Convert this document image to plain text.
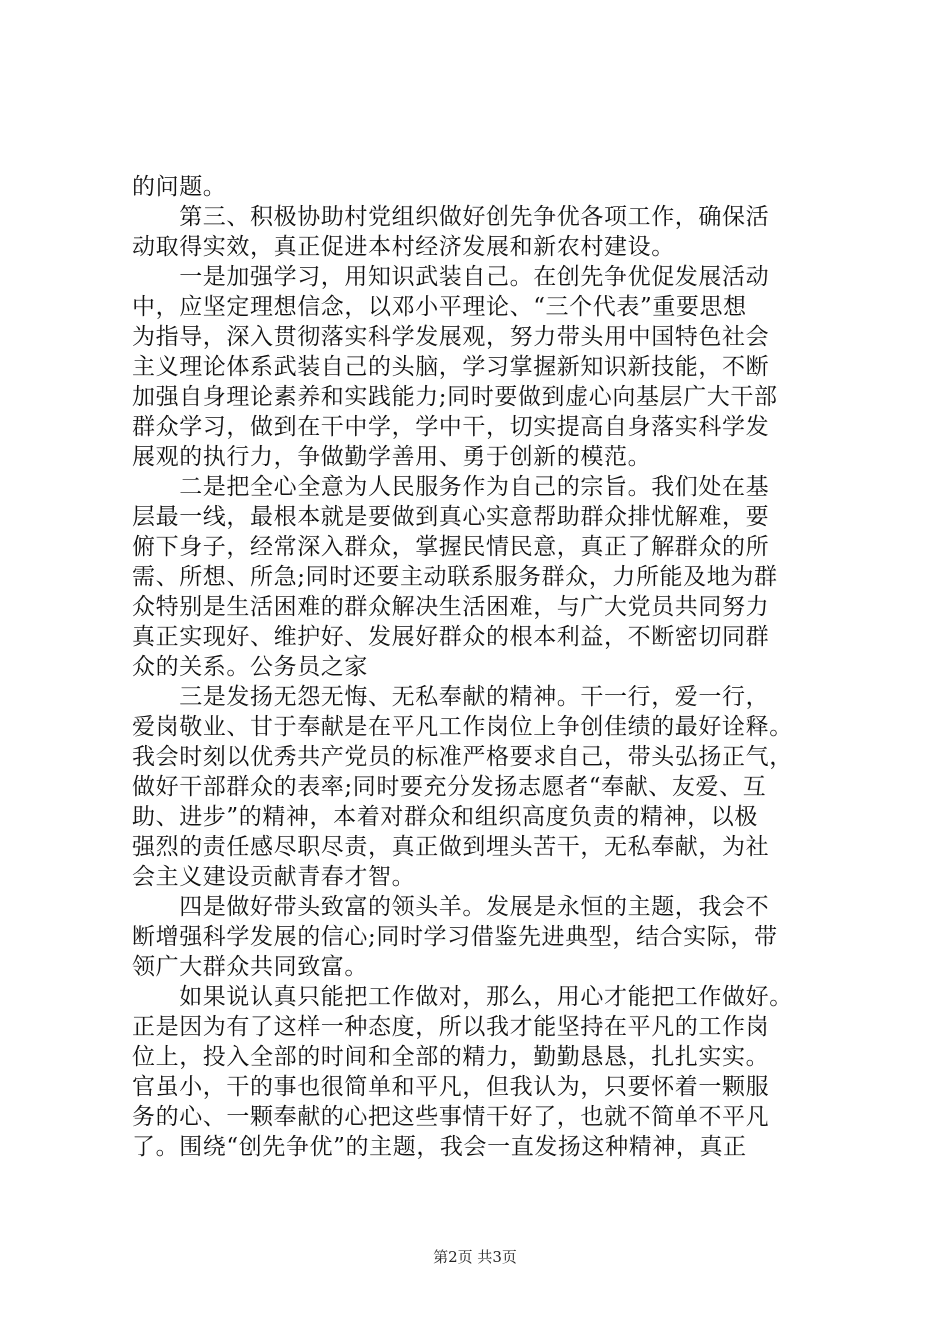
的问题。
　　第三、积极协助村党组织做好创先争优各项工作，确保活
动取得实效，真正促进本村经济发展和新农村建设。
　　一是加强学习，用知识武装自己。在创先争优促发展活动
中，应坚定理想信念，以邓小平理论、“三个代表”重要思想
为指导，深入贯彻落实科学发展观，努力带头用中国特色社会
主义理论体系武装自己的头脑，学习掌握新知识新技能，不断
加强自身理论素养和实践能力;同时要做到虚心向基层广大干部
群众学习，做到在干中学，学中干，切实提高自身落实科学发
展观的执行力，争做勤学善用、勇于创新的模范。
　　二是把全心全意为人民服务作为自己的宗旨。我们处在基
层最一线，最根本就是要做到真心实意帮助群众排忧解难，要
俯下身子，经常深入群众，掌握民情民意，真正了解群众的所
需、所想、所急;同时还要主动联系服务群众，力所能及地为群
众特别是生活困难的群众解决生活困难，与广大党员共同努力
真正实现好、维护好、发展好群众的根本利益，不断密切同群
众的关系。公务员之家
　　三是发扬无怨无悔、无私奉献的精神。干一行，爱一行，
爱岗敬业、甘于奉献是在平凡工作岗位上争创佳绩的最好诠释。
我会时刻以优秀共产党员的标准严格要求自己，带头弘扬正气，
做好干部群众的表率;同时要充分发扬志愿者“奉献、友爱、互
助、进步”的精神，本着对群众和组织高度负责的精神，以极
强烈的责任感尽职尽责，真正做到埋头苦干，无私奉献，为社
会主义建设贡献青春才智。
　　四是做好带头致富的领头羊。发展是永恒的主题，我会不
断增强科学发展的信心;同时学习借鉴先进典型，结合实际，带
领广大群众共同致富。
　　如果说认真只能把工作做对，那么，用心才能把工作做好。
正是因为有了这样一种态度，所以我才能坚持在平凡的工作岗
位上，投入全部的时间和全部的精力，勤勤恳恳，扎扎实实。
官虽小，干的事也很简单和平凡，但我认为，只要怀着一颗服
务的心、一颗奉献的心把这些事情干好了，也就不简单不平凡
了。围绕“创先争优”的主题，我会一直发扬这种精神，真正
第2页 共3页
